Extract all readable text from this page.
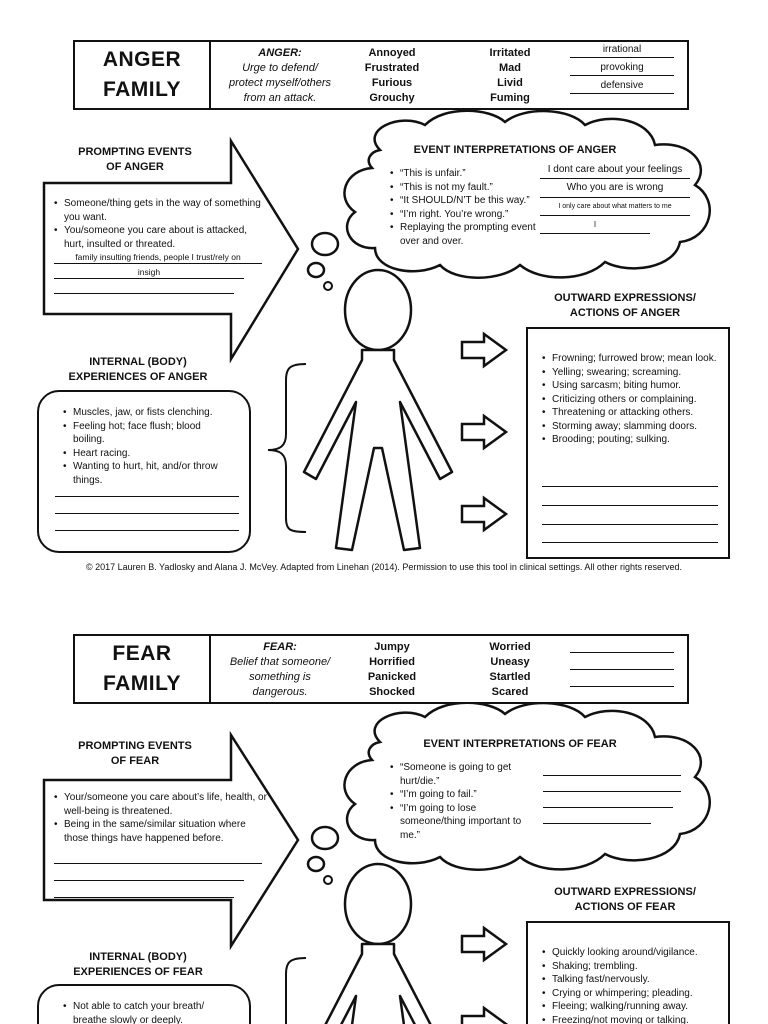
ANGER
FAMILY
ANGER:
Urge to defend/
protect myself/others
from an attack.
Annoyed
Frustrated
Furious
Grouchy
Irritated
Mad
Livid
Fuming
irrational
provoking
defensive
PROMPTING EVENTS
OF ANGER
• Someone/thing gets in the way of something you want.
• You/someone you care about is attacked, hurt, insulted or threated.
family insulting friends, people I trust/rely on
insigh
EVENT INTERPRETATIONS OF ANGER
• “This is unfair.”
• “This is not my fault.”
• “It SHOULD/N’T be this way.”
• “I’m right. You’re wrong.”
• Replaying the prompting event over and over.
I dont care about your feelings
Who you are is wrong
I only care about what matters to me
I
INTERNAL (BODY)
EXPERIENCES OF ANGER
• Muscles, jaw, or fists clenching.
• Feeling hot; face flush; blood boiling.
• Heart racing.
• Wanting to hurt, hit, and/or throw things.
OUTWARD EXPRESSIONS/
ACTIONS OF ANGER
• Frowning; furrowed brow; mean look.
• Yelling; swearing; screaming.
• Using sarcasm; biting humor.
• Criticizing others or complaining.
• Threatening or attacking others.
• Storming away; slamming doors.
• Brooding; pouting; sulking.
© 2017 Lauren B. Yadlosky and Alana J. McVey. Adapted from Linehan (2014). Permission to use this tool in clinical settings. All other rights reserved.
FEAR
FAMILY
FEAR:
Belief that someone/
something is
dangerous.
Jumpy
Horrified
Panicked
Shocked
Worried
Uneasy
Startled
Scared
PROMPTING EVENTS
OF FEAR
• Your/someone you care about’s life, health, or well-being is threatened.
• Being in the same/similar situation where those things have happened before.
EVENT INTERPRETATIONS OF FEAR
• “Someone is going to get hurt/die.”
• “I’m going to fail.”
• “I’m going to lose someone/thing important to me.”
INTERNAL (BODY)
EXPERIENCES OF FEAR
• Not able to catch your breath/ breathe slowly or deeply.
OUTWARD EXPRESSIONS/
ACTIONS OF FEAR
• Quickly looking around/vigilance.
• Shaking; trembling.
• Talking fast/nervously.
• Crying or whimpering; pleading.
• Fleeing; walking/running away.
• Freezing/not moving or talking.
